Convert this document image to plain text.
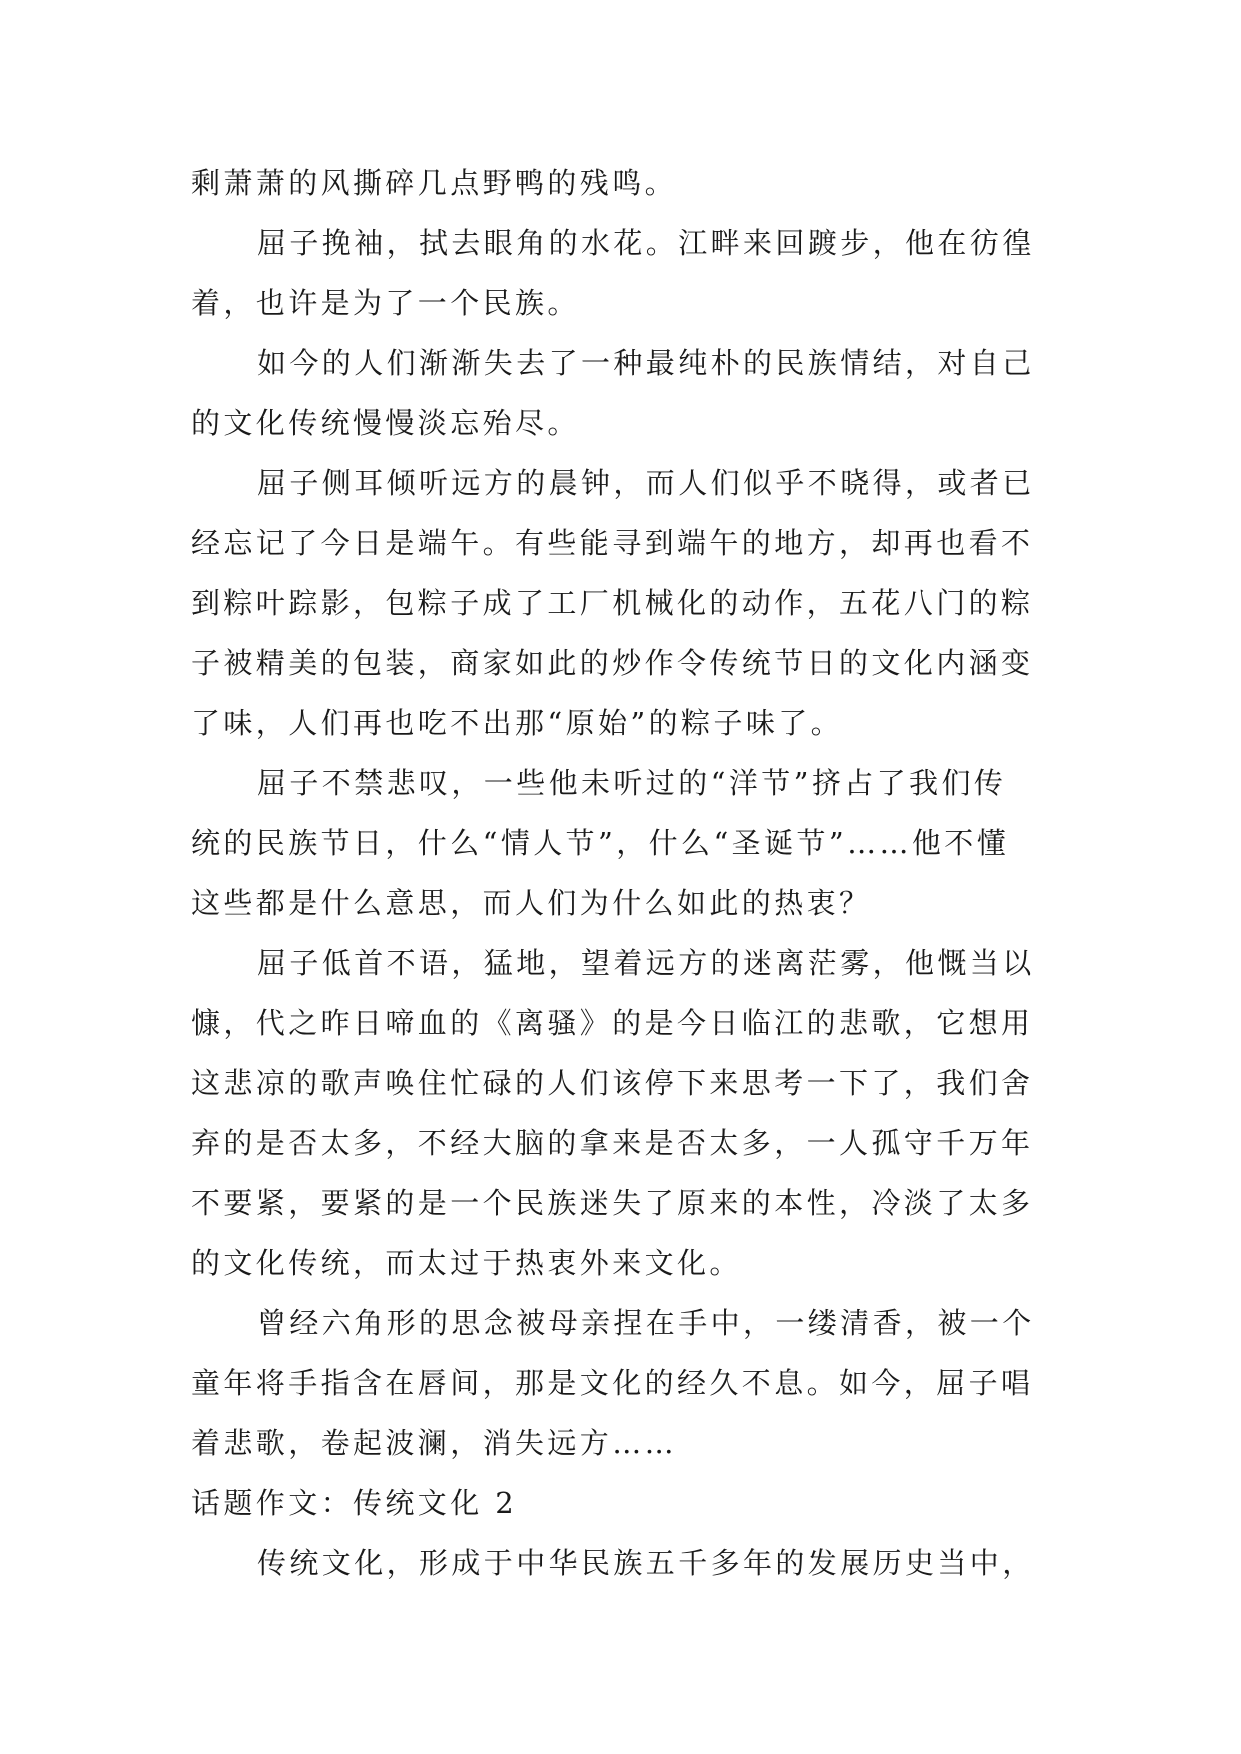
剩萧萧的风撕碎几点野鸭的残鸣。
屈子挽袖，拭去眼角的水花。江畔来回踱步，他在彷徨
着，也许是为了一个民族。
如今的人们渐渐失去了一种最纯朴的民族情结，对自己
的文化传统慢慢淡忘殆尽。
屈子侧耳倾听远方的晨钟，而人们似乎不晓得，或者已
经忘记了今日是端午。有些能寻到端午的地方，却再也看不
到粽叶踪影，包粽子成了工厂机械化的动作，五花八门的粽
子被精美的包装，商家如此的炒作令传统节日的文化内涵变
了味，人们再也吃不出那“原始”的粽子味了。
屈子不禁悲叹，一些他未听过的“洋节”挤占了我们传
统的民族节日，什么“情人节”，什么“圣诞节”……他不懂
这些都是什么意思，而人们为什么如此的热衷？
屈子低首不语，猛地，望着远方的迷离茫雾，他慨当以
慷，代之昨日啼血的《离骚》的是今日临江的悲歌，它想用
这悲凉的歌声唤住忙碌的人们该停下来思考一下了，我们舍
弃的是否太多，不经大脑的拿来是否太多，一人孤守千万年
不要紧，要紧的是一个民族迷失了原来的本性，冷淡了太多
的文化传统，而太过于热衷外来文化。
曾经六角形的思念被母亲捏在手中，一缕清香，被一个
童年将手指含在唇间，那是文化的经久不息。如今，屈子唱
着悲歌，卷起波澜，消失远方……
话题作文：传统文化 2
传统文化，形成于中华民族五千多年的发展历史当中，
